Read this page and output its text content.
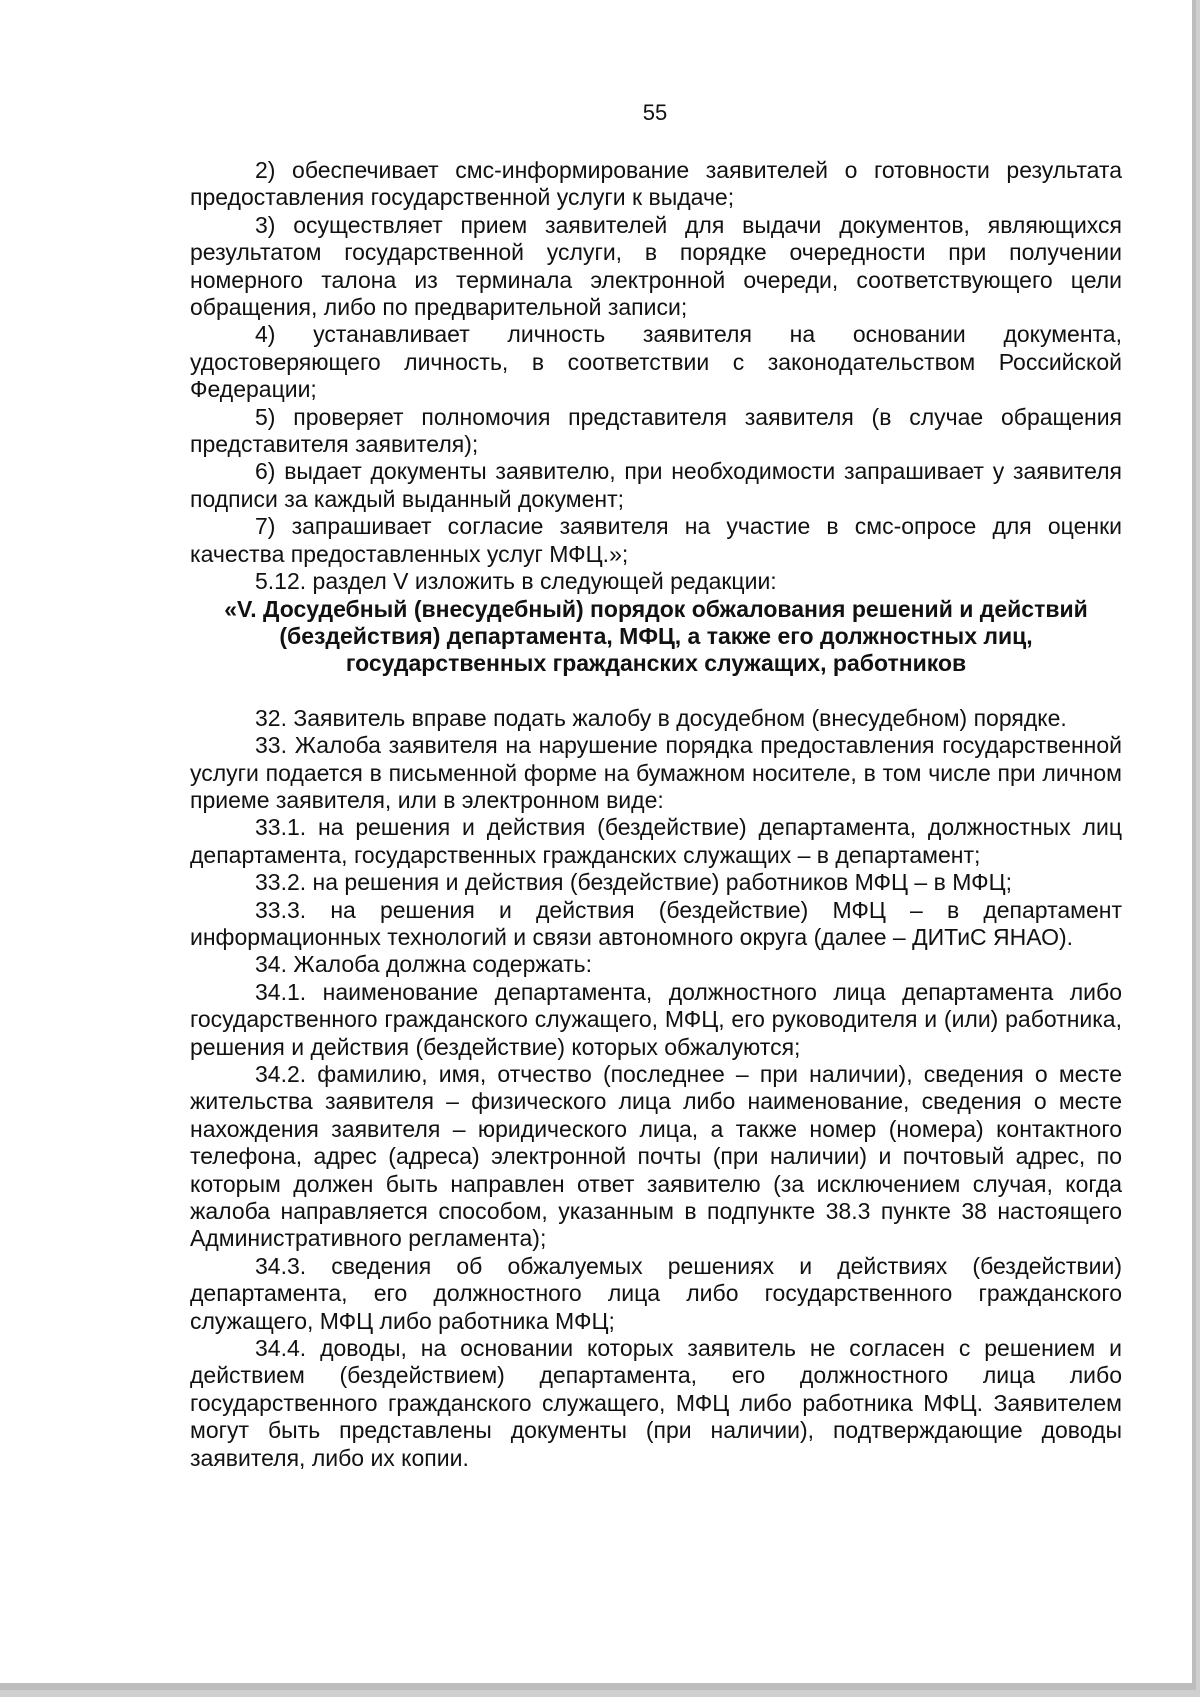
55

2) обеспечивает смс-информирование заявителей о готовности результата предоставления государственной услуги к выдаче;

3) осуществляет прием заявителей для выдачи документов, являющихся результатом государственной услуги, в порядке очередности при получении номерного талона из терминала электронной очереди, соответствующего цели обращения, либо по предварительной записи;

4) устанавливает личность заявителя на основании документа, удостоверяющего личность, в соответствии с законодательством Российской Федерации;

5) проверяет полномочия представителя заявителя (в случае обращения представителя заявителя);

6) выдает документы заявителю, при необходимости запрашивает у заявителя подписи за каждый выданный документ;

7) запрашивает согласие заявителя на участие в смс-опросе для оценки качества предоставленных услуг МФЦ.»;

5.12. раздел V изложить в следующей редакции:

«V. Досудебный (внесудебный) порядок обжалования решений и действий (бездействия) департамента, МФЦ, а также его должностных лиц, государственных гражданских служащих, работников

32. Заявитель вправе подать жалобу в досудебном (внесудебном) порядке.

33. Жалоба заявителя на нарушение порядка предоставления государственной услуги подается в письменной форме на бумажном носителе, в том числе при личном приеме заявителя, или в электронном виде:

33.1. на решения и действия (бездействие) департамента, должностных лиц департамента, государственных гражданских служащих – в департамент;

33.2. на решения и действия (бездействие) работников МФЦ – в МФЦ;

33.3. на решения и действия (бездействие) МФЦ – в департамент информационных технологий и связи автономного округа (далее – ДИТиС ЯНАО).

34. Жалоба должна содержать:

34.1. наименование департамента, должностного лица департамента либо государственного гражданского служащего, МФЦ, его руководителя и (или) работника, решения и действия (бездействие) которых обжалуются;

34.2. фамилию, имя, отчество (последнее – при наличии), сведения о месте жительства заявителя – физического лица либо наименование, сведения о месте нахождения заявителя – юридического лица, а также номер (номера) контактного телефона, адрес (адреса) электронной почты (при наличии) и почтовый адрес, по которым должен быть направлен ответ заявителю (за исключением случая, когда жалоба направляется способом, указанным в подпункте 38.3 пункте 38 настоящего Административного регламента);

34.3. сведения об обжалуемых решениях и действиях (бездействии) департамента, его должностного лица либо государственного гражданского служащего, МФЦ либо работника МФЦ;

34.4. доводы, на основании которых заявитель не согласен с решением и действием (бездействием) департамента, его должностного лица либо государственного гражданского служащего, МФЦ либо работника МФЦ. Заявителем могут быть представлены документы (при наличии), подтверждающие доводы заявителя, либо их копии.
